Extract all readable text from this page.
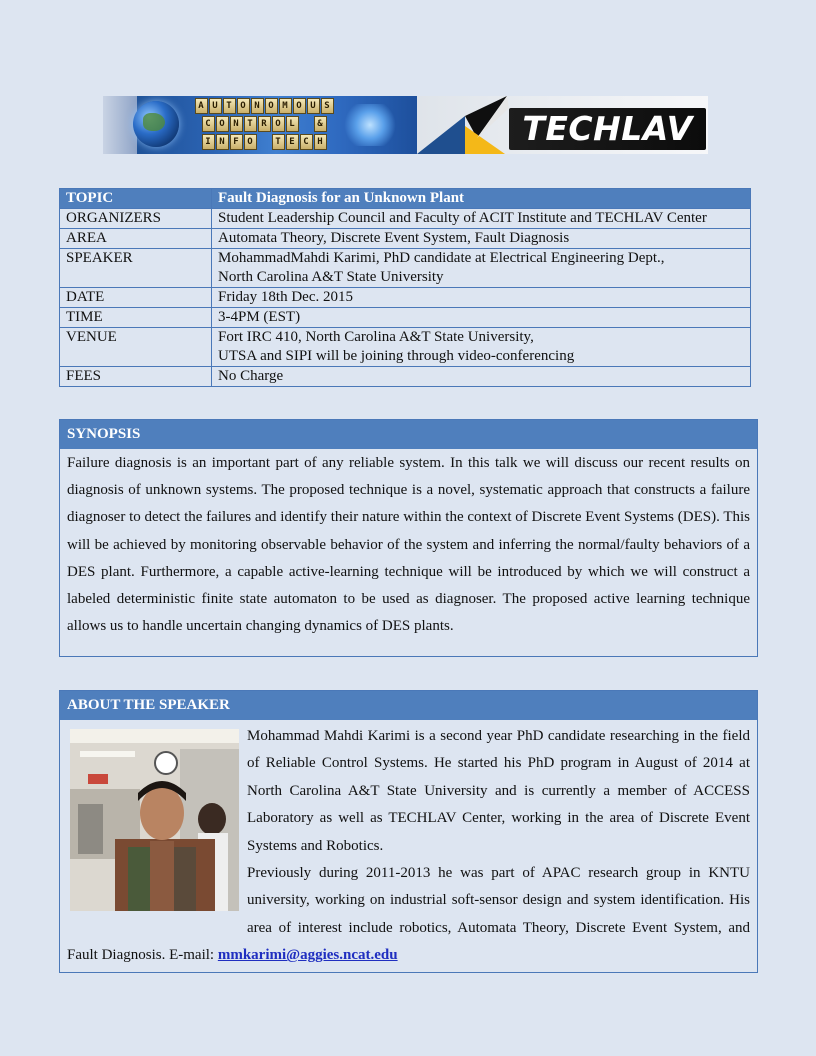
A U T O N O M O U S
C O N T R O L	&
I N F O	T E C H	TECHLAV
TOPIC	Fault Diagnosis for an Unknown Plant
ORGANIZERS	Student Leadership Council and Faculty of ACIT Institute and TECHLAV Center
AREA	Automata Theory, Discrete Event System, Fault Diagnosis
SPEAKER	MohammadMahdi Karimi, PhD candidate at Electrical Engineering Dept.,
North Carolina A&T State University

DATE	Friday 18th Dec. 2015
TIME	3-4PM (EST)
VENUE	Fort IRC 410, North Carolina A&T State University,
UTSA and SIPI will be joining through video-conferencing

FEES	No Charge
SYNOPSIS

Failure diagnosis is an important part of any reliable system. In this talk we will discuss our recent results on diagnosis of unknown systems. The proposed technique is a novel, systematic approach that constructs a failure diagnoser to detect the failures and identify their nature within the context of Discrete Event Systems (DES). This will be achieved by monitoring observable behavior of the system and inferring the normal/faulty behaviors of a DES plant. Furthermore, a capable active-learning technique will be introduced by which we will construct a labeled deterministic finite state automaton to be used as diagnoser. The proposed active learning technique allows us to handle uncertain changing dynamics of DES plants.

ABOUT THE SPEAKER

Mohammad Mahdi Karimi is a second year PhD candidate researching in the field of Reliable Control Systems. He started his PhD program in August of 2014 at North Carolina A&T State University and is currently a member of ACCESS Laboratory as well as TECHLAV Center, working in the area of Discrete Event Systems and Robotics.

Previously during 2011-2013 he was part of APAC research group in KNTU university, working on industrial soft-sensor design and system identification. His area of interest include robotics, Automata Theory, Discrete Event System, and Fault Diagnosis. E-mail: mmkarimi@aggies.ncat.edu
